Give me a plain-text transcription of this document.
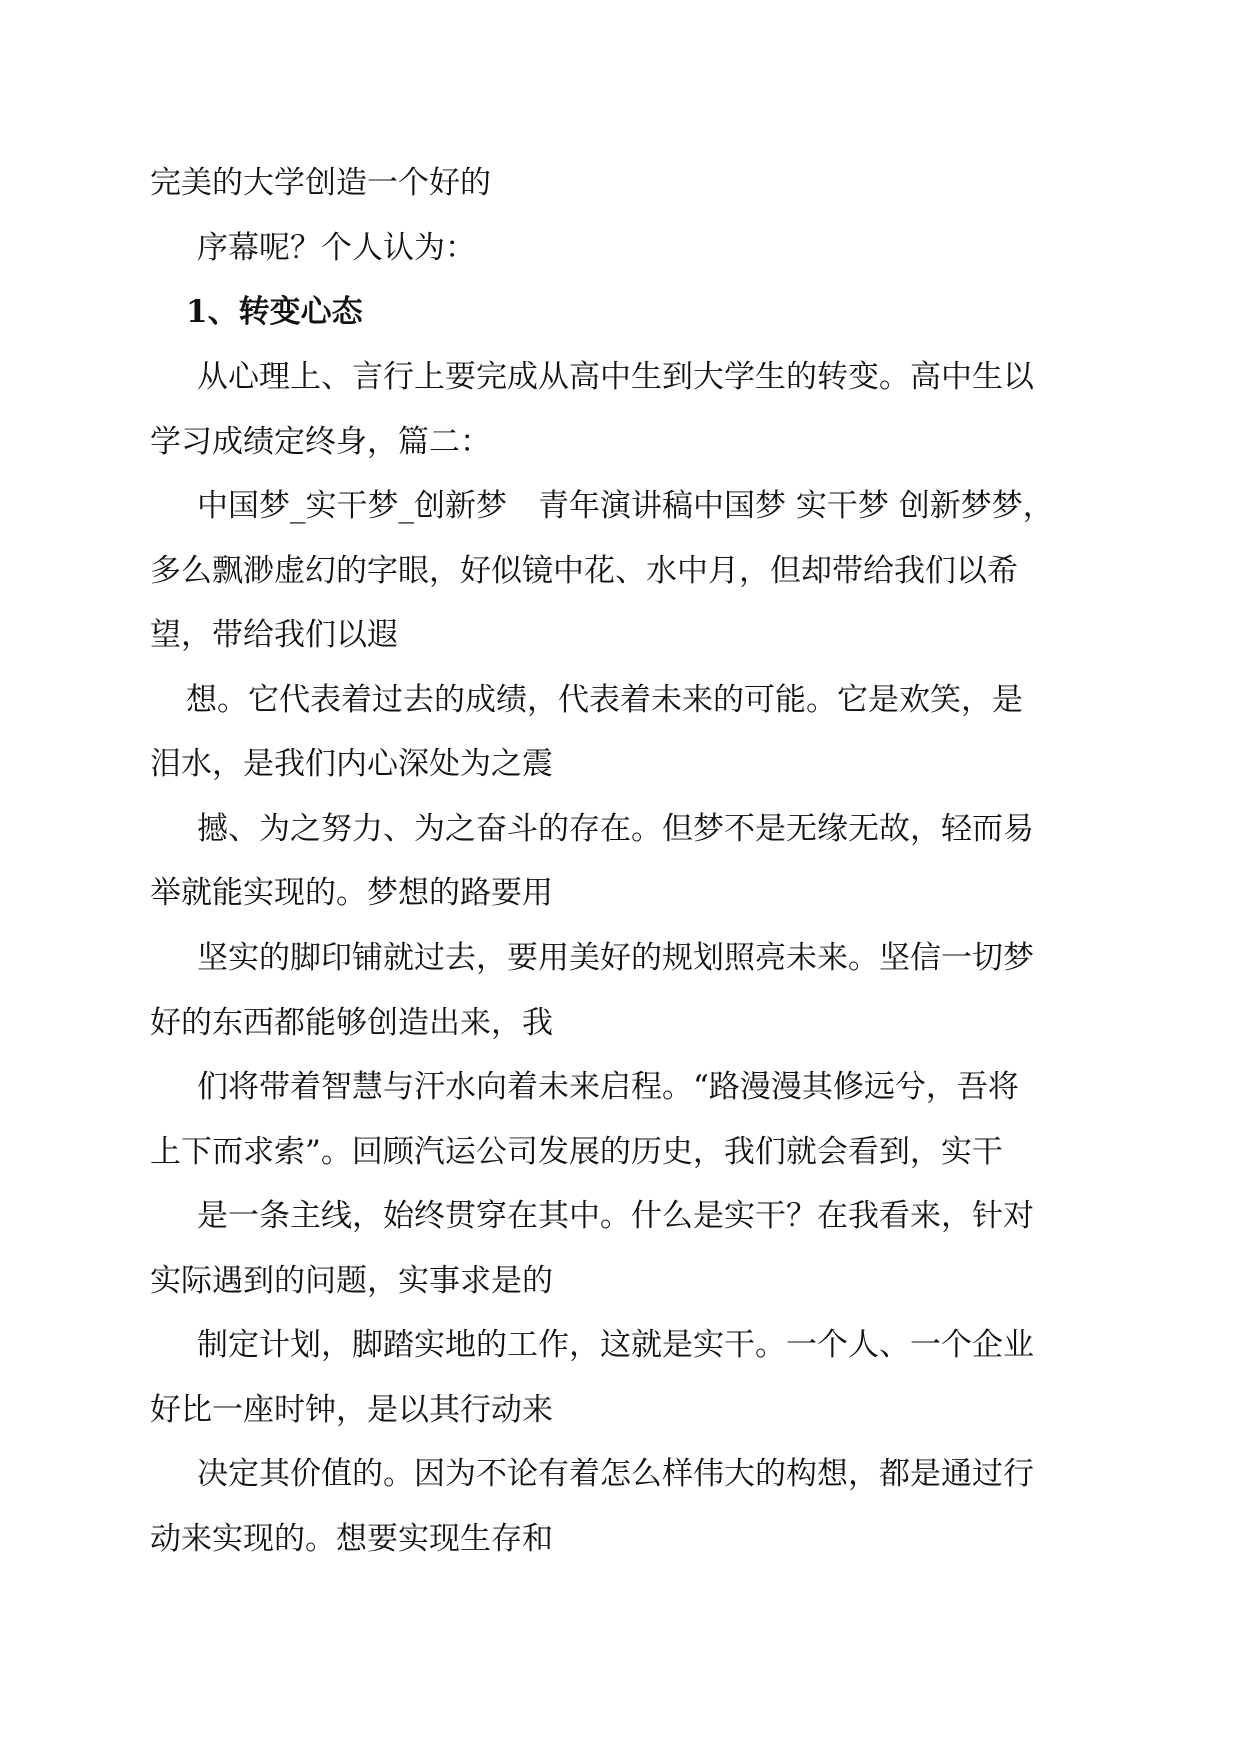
完美的大学创造一个好的
序幕呢？个人认为：
1、转变心态
从心理上、言行上要完成从高中生到大学生的转变。高中生以
学习成绩定终身，篇二：
中国梦_实干梦_创新梦　青年演讲稿中国梦 实干梦 创新梦梦，
多么飘渺虚幻的字眼，好似镜中花、水中月，但却带给我们以希
望，带给我们以遐
想。它代表着过去的成绩，代表着未来的可能。它是欢笑，是
泪水，是我们内心深处为之震
撼、为之努力、为之奋斗的存在。但梦不是无缘无故，轻而易
举就能实现的。梦想的路要用
坚实的脚印铺就过去，要用美好的规划照亮未来。坚信一切梦
好的东西都能够创造出来，我
们将带着智慧与汗水向着未来启程。“路漫漫其修远兮，吾将
上下而求索”。回顾汽运公司发展的历史，我们就会看到，实干
是一条主线，始终贯穿在其中。什么是实干？在我看来，针对
实际遇到的问题，实事求是的
制定计划，脚踏实地的工作，这就是实干。一个人、一个企业
好比一座时钟，是以其行动来
决定其价值的。因为不论有着怎么样伟大的构想，都是通过行
动来实现的。想要实现生存和
